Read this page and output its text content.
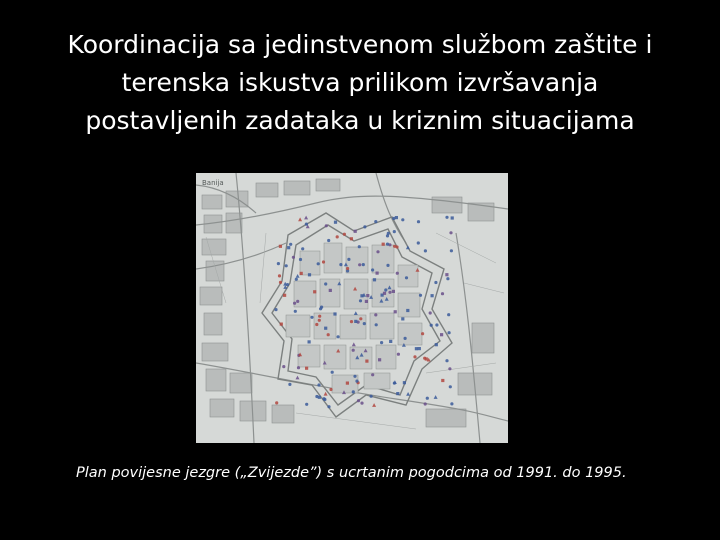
Koordinacija sa jedinstvenom službom zaštite i
terenska iskustva prilikom izvršavanja
postavljenih zadataka u kriznim situacijama
Banija
Plan povijesne jezgre („Zvijezde”) s ucrtanim pogodcima od 1991. do 1995.
